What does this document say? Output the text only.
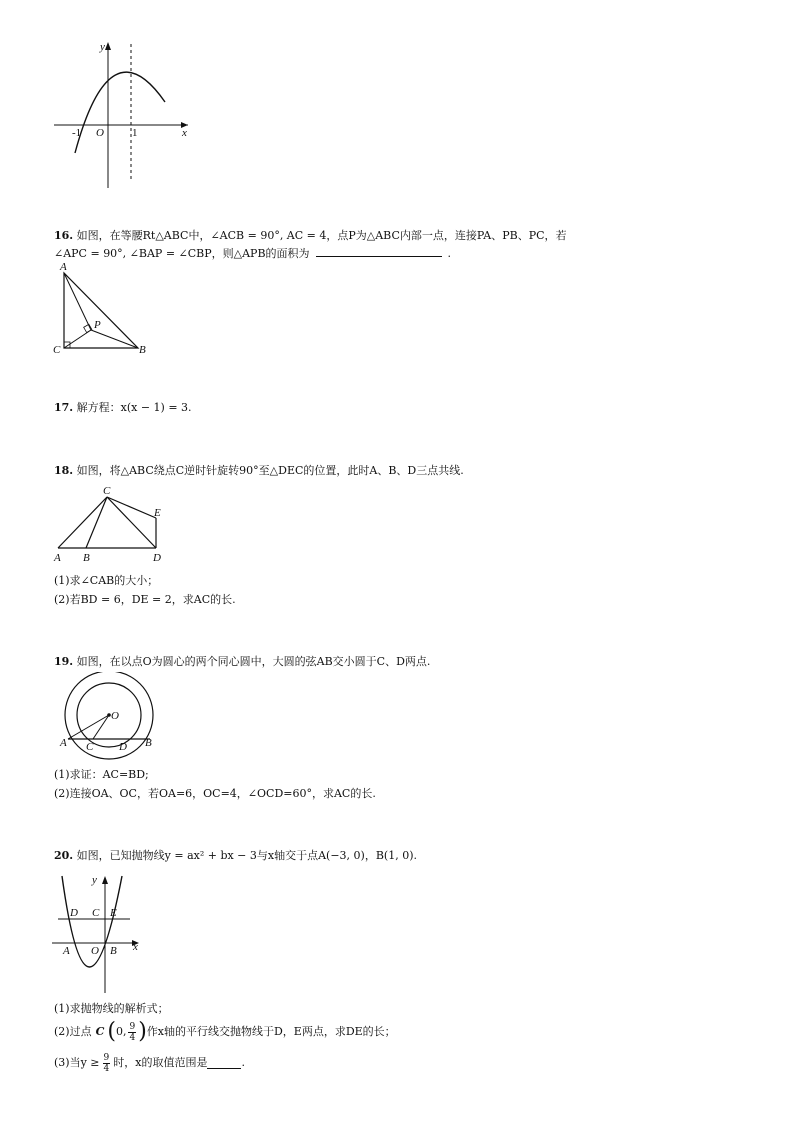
y
x
O
-1	1
16. 如图，在等腰Rt△ABC中，∠ACB = 90°, AC = 4，点P为△ABC内部一点，连接PA、PB、PC，若
∠APC = 90°, ∠BAP = ∠CBP，则△APB的面积为	.
A
C	B
P
17. 解方程：x(x − 1) = 3.
18. 如图，将△ABC绕点C逆时针旋转90°至△DEC的位置，此时A、B、D三点共线.
C
E
A B	D
(1)求∠CAB的大小；
(2)若BD = 6，DE = 2，求AC的长.
19. 如图，在以点O为圆心的两个同心圆中，大圆的弦AB交小圆于C、D两点.
O
A C D B
(1)求证：AC=BD;
(2)连接OA、OC，若OA=6，OC=4，∠OCD=60°，求AC的长.
20. 如图，已知抛物线y = ax² + bx − 3与x轴交于点A(−3, 0)，B(1, 0).
y
x
D C E
A O B
(1)求抛物线的解析式；
(2)过点 C ( 0, $\frac{9}{4}$ ) 作x轴的平行线交抛物线于D，E两点，求DE的长；
(3)当$y \ge \frac{9}{4}$ 时，x的取值范围是	.
